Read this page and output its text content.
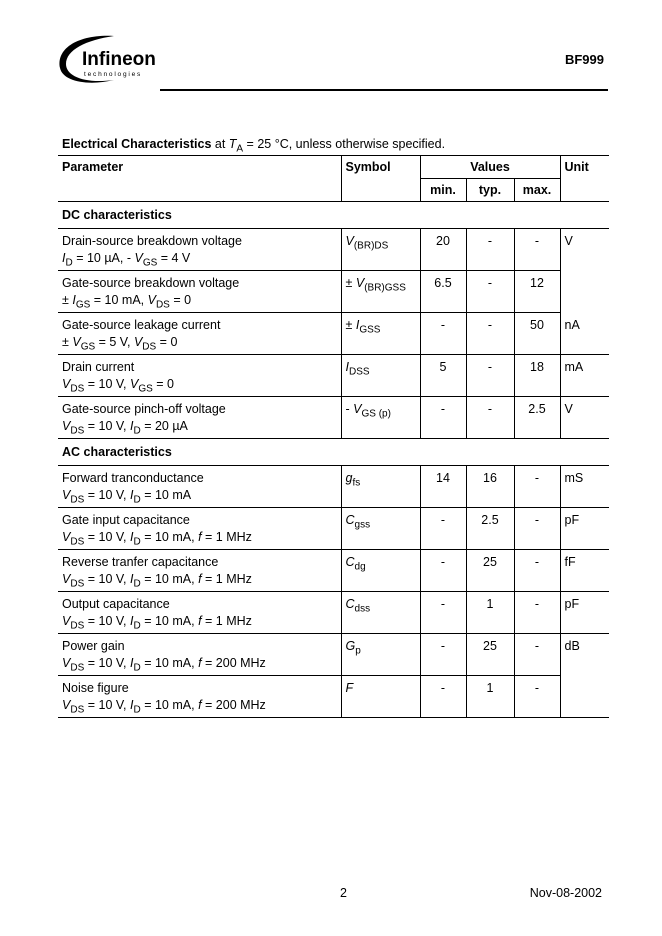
Infineon
technologies
BF999
Electrical Characteristics at $T_A = 25$ °C, unless otherwise specified.
Parameter	Symbol	Values			Unit
		min.	typ.	max.	
DC characteristics					

Drain-source breakdown voltage	$V_{(BR)DS}$	20	-	-	V
$I_D = 10$ µA, - $V_{GS} = 4$ V					
Gate-source breakdown voltage	± $V_{(BR)GSS}$	6.5	-	12	
± $I_{GS} = 10$ mA, $V_{DS} = 0$					
Gate-source leakage current	± $I_{GSS}$	-	-	50	nA
± $V_{GS} = 5$ V, $V_{DS} = 0$					
Drain current	$I_{DSS}$	5	-	18	mA
$V_{DS} = 10$ V, $V_{GS} = 0$					
Gate-source pinch-off voltage	- $V_{GS (p)}$	-	-	2.5	V
$V_{DS} = 10$ V, $I_D = 20$ µA					
AC characteristics					

Forward tranconductance	$g_{fs}$	14	16	-	mS
$V_{DS} = 10$ V, $I_D = 10$ mA					
Gate input capacitance	$C_{gss}$	-	2.5	-	pF
$V_{DS} = 10$ V, $I_D = 10$ mA, f = 1 MHz					
Reverse tranfer capacitance	$C_{dg}$	-	25	-	fF
$V_{DS} = 10$ V, $I_D = 10$ mA, f = 1 MHz					
Output capacitance	$C_{dss}$	-	1	-	pF
$V_{DS} = 10$ V, $I_D = 10$ mA, f = 1 MHz					
Power gain	$G_p$	-	25	-	dB
$V_{DS} = 10$ V, $I_D = 10$ mA, f = 200 MHz					
Noise figure	F	-	1	-	
$V_{DS} = 10$ V, $I_D = 10$ mA, f = 200 MHz					
2	Nov-08-2002
